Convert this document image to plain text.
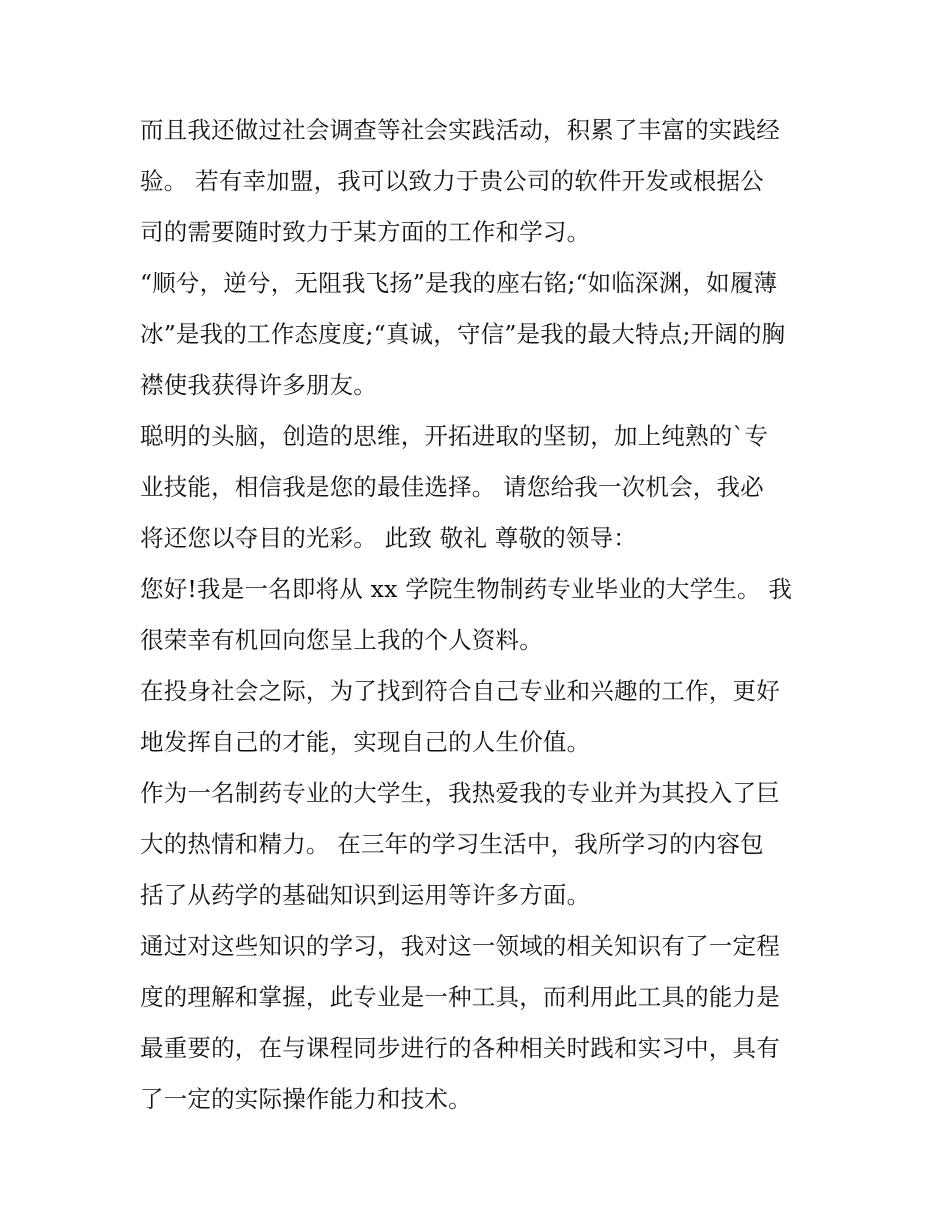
而且我还做过社会调查等社会实践活动，积累了丰富的实践经
验。 若有幸加盟，我可以致力于贵公司的软件开发或根据公
司的需要随时致力于某方面的工作和学习。

“顺兮，逆兮，无阻我飞扬”是我的座右铭;“如临深渊，如履薄
冰”是我的工作态度度;“真诚，守信”是我的最大特点;开阔的胸
襟使我获得许多朋友。

聪明的头脑，创造的思维，开拓进取的坚韧，加上纯熟的`专
业技能，相信我是您的最佳选择。 请您给我一次机会，我必
将还您以夺目的光彩。 此致 敬礼 尊敬的领导：

您好!我是一名即将从 xx 学院生物制药专业毕业的大学生。 我
很荣幸有机回向您呈上我的个人资料。

在投身社会之际，为了找到符合自己专业和兴趣的工作，更好
地发挥自己的才能，实现自己的人生价值。

作为一名制药专业的大学生，我热爱我的专业并为其投入了巨
大的热情和精力。 在三年的学习生活中，我所学习的内容包
括了从药学的基础知识到运用等许多方面。

通过对这些知识的学习，我对这一领域的相关知识有了一定程
度的理解和掌握，此专业是一种工具，而利用此工具的能力是
最重要的，在与课程同步进行的各种相关时践和实习中，具有
了一定的实际操作能力和技术。
